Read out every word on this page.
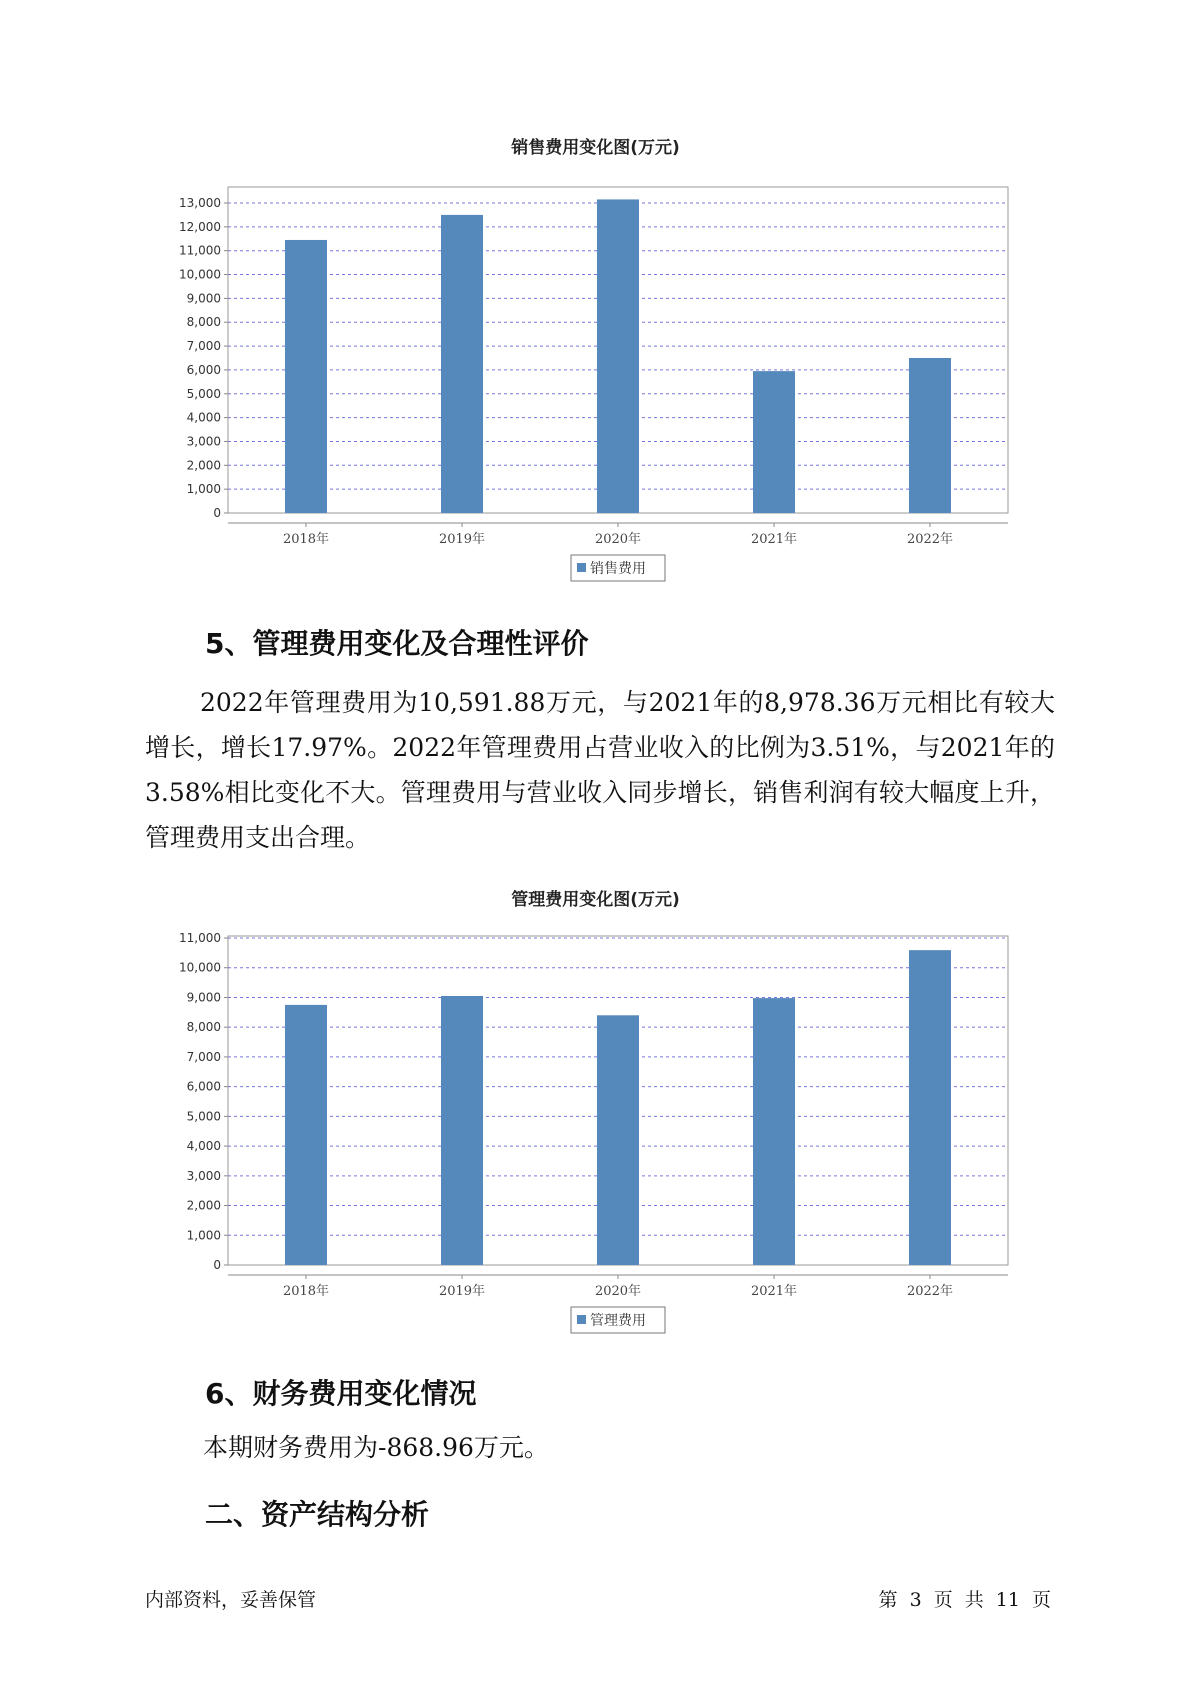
销售费用变化图(万元)
0
1,000
2,000
3,000
4,000
5,000
6,000
7,000
8,000
9,000
10,000
11,000
12,000
13,000
2018年	2019年	2020年	2021年	2022年
销售费用
5、管理费用变化及合理性评价

2022年管理费用为10,591.88万元，与2021年的8,978.36万元相比有较大增长，增长17.97%。2022年管理费用占营业收入的比例为3.51%，与2021年的3.58%相比变化不大。管理费用与营业收入同步增长，销售利润有较大幅度上升，管理费用支出合理。

管理费用变化图(万元)
0
1,000
2,000
3,000
4,000
5,000
6,000
7,000
8,000
9,000
10,000
11,000
2018年	2019年	2020年	2021年	2022年
管理费用
6、财务费用变化情况

本期财务费用为-868.96万元。

二、资产结构分析
内部资料，妥善保管	第 3 页 共 11 页
